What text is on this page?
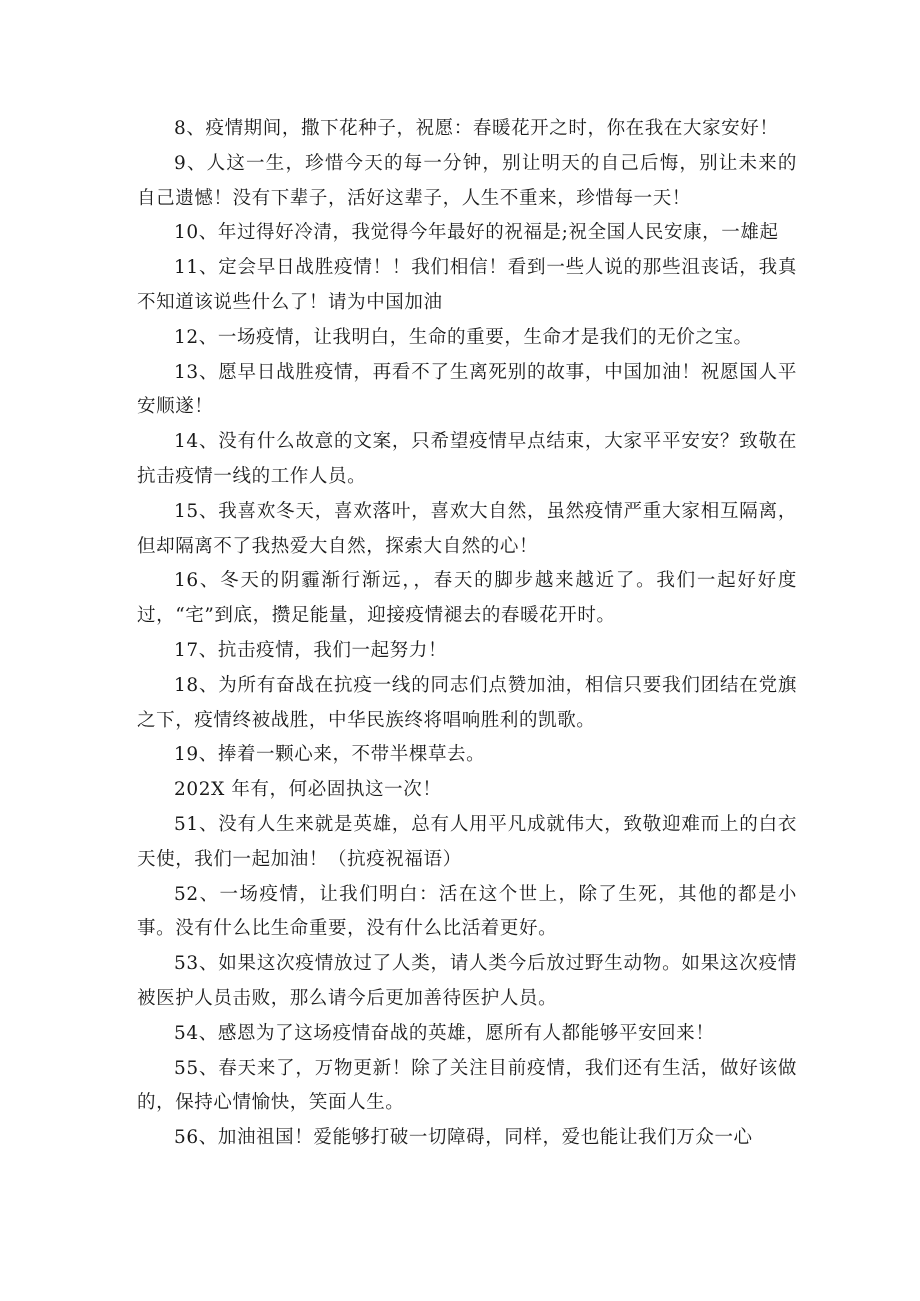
8、疫情期间，撒下花种子，祝愿：春暖花开之时，你在我在大家安好！

9、人这一生，珍惜今天的每一分钟，别让明天的自己后悔，别让未来的自己遗憾！没有下辈子，活好这辈子，人生不重来，珍惜每一天！

10、年过得好冷清，我觉得今年最好的祝福是;祝全国人民安康，一雄起

11、定会早日战胜疫情！！我们相信！看到一些人说的那些沮丧话，我真不知道该说些什么了！请为中国加油

12、一场疫情，让我明白，生命的重要，生命才是我们的无价之宝。

13、愿早日战胜疫情，再看不了生离死别的故事，中国加油！祝愿国人平安顺遂！

14、没有什么故意的文案，只希望疫情早点结束，大家平平安安？致敬在抗击疫情一线的工作人员。

15、我喜欢冬天，喜欢落叶，喜欢大自然，虽然疫情严重大家相互隔离，但却隔离不了我热爱大自然，探索大自然的心！

16、冬天的阴霾渐行渐远，，春天的脚步越来越近了。我们一起好好度过，“宅”到底，攒足能量，迎接疫情褪去的春暖花开时。

17、抗击疫情，我们一起努力！

18、为所有奋战在抗疫一线的同志们点赞加油，相信只要我们团结在党旗之下，疫情终被战胜，中华民族终将唱响胜利的凯歌。

19、捧着一颗心来，不带半棵草去。

202X 年有，何必固执这一次！

51、没有人生来就是英雄，总有人用平凡成就伟大，致敬迎难而上的白衣天使，我们一起加油！（抗疫祝福语）

52、一场疫情，让我们明白：活在这个世上，除了生死，其他的都是小事。没有什么比生命重要，没有什么比活着更好。

53、如果这次疫情放过了人类，请人类今后放过野生动物。如果这次疫情被医护人员击败，那么请今后更加善待医护人员。

54、感恩为了这场疫情奋战的英雄，愿所有人都能够平安回来！

55、春天来了，万物更新！除了关注目前疫情，我们还有生活，做好该做的，保持心情愉快，笑面人生。

56、加油祖国！爱能够打破一切障碍，同样，爱也能让我们万众一心
